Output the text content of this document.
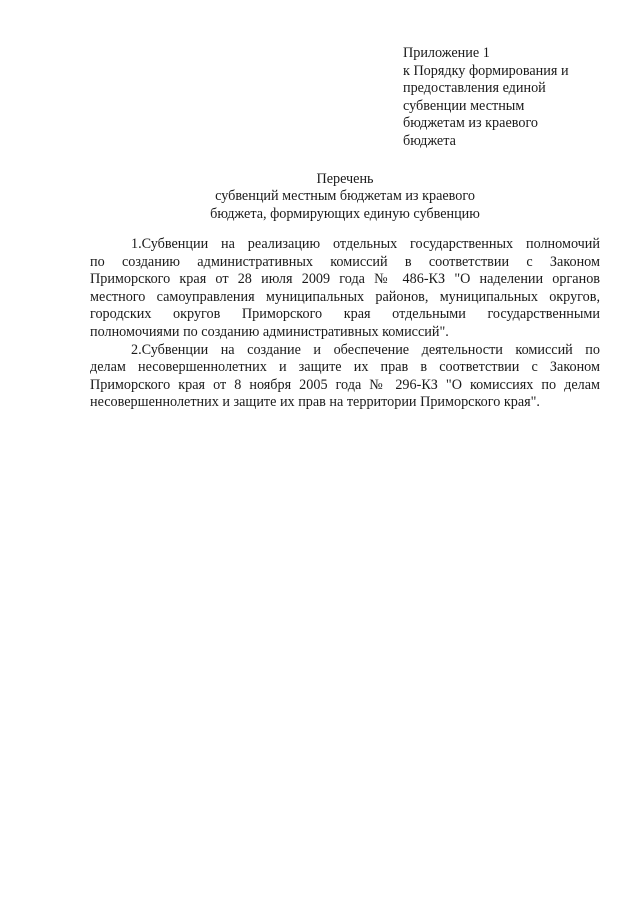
Приложение 1
к Порядку формирования и
предоставления единой
субвенции местным
бюджетам из краевого
бюджета
Перечень
субвенций местным бюджетам из краевого
бюджета, формирующих единую субвенцию
1.Субвенции на реализацию отдельных государственных полномочий
по созданию административных комиссий в соответствии с Законом
Приморского края от 28 июля 2009 года № 486-КЗ "О наделении органов
местного самоуправления муниципальных районов, муниципальных округов,
городских округов Приморского края отдельными государственными
полномочиями по созданию административных комиссий".
2.Субвенции на создание и обеспечение деятельности комиссий по
делам несовершеннолетних и защите их прав в соответствии с Законом
Приморского края от 8 ноября 2005 года № 296-КЗ "О комиссиях по делам
несовершеннолетних и защите их прав на территории Приморского края".
